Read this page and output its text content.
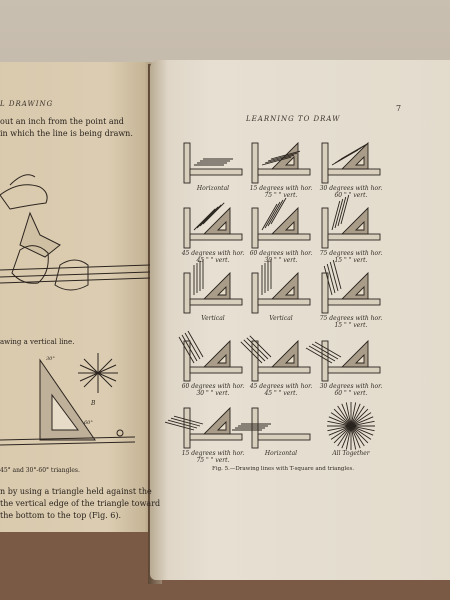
L DRAWING
out an inch from the point and
in which the line is being drawn.
awing a vertical line.
30°
60°
B
45° and 30°-60° triangles.
n by using a triangle held against the
the vertical edge of the triangle toward
the bottom to the top (Fig. 6).
LEARNING TO DRAW
7
Horizontal	15 degrees with hor.
75 " " vert.
30 degrees with hor.
60 " " vert.
45 degrees with hor.
45 " " vert.
60 degrees with hor.
30 " " vert.
75 degrees with hor.
15 " " vert.
Vertical	Vertical	75 degrees with hor.
15 " " vert.
60 degrees with hor.
30 " " vert.
45 degrees with hor.
45 " " vert.
30 degrees with hor.
60 " " vert.
15 degrees with hor.
75 " " vert.
Horizontal	All Together
Fig. 5.—Drawing lines with T-square and triangles.
